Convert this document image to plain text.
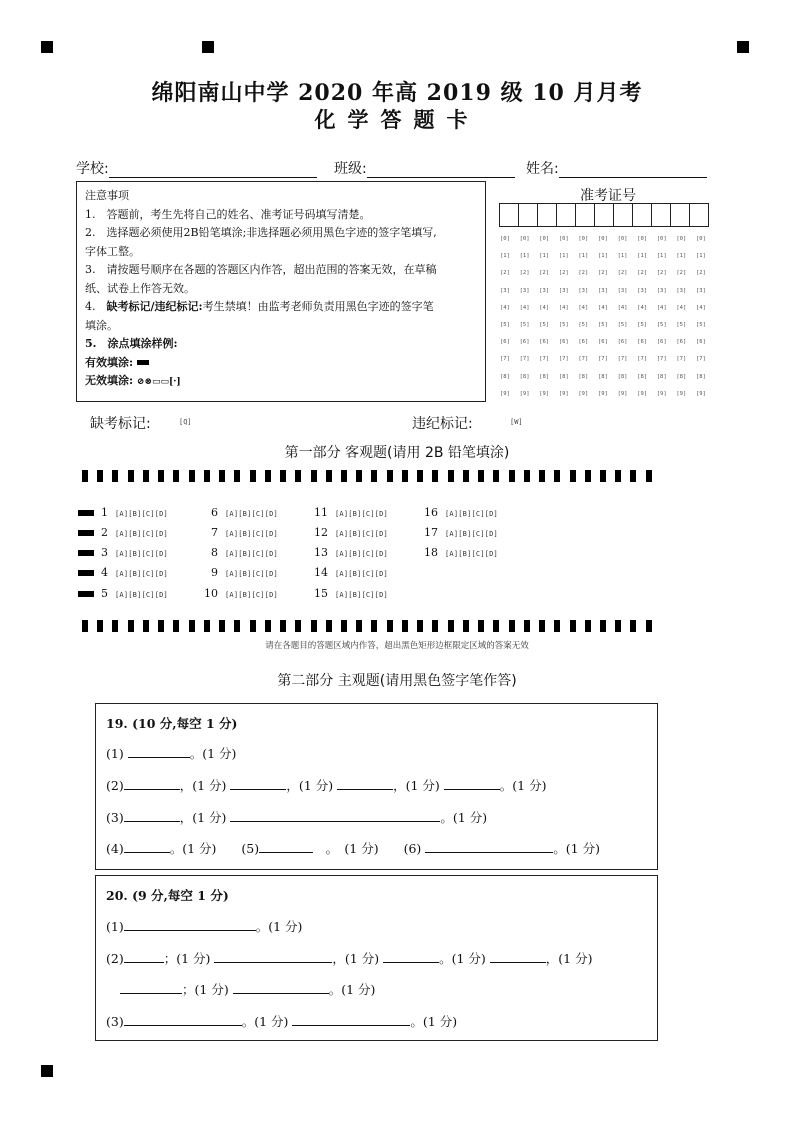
绵阳南山中学 2020 年高 2019 级 10 月月考
化学答题卡
学校:	班级:	姓名:
注意事项
1.　答题前，考生先将自己的姓名、准考证号码填写清楚。
2.　选择题必须使用2B铅笔填涂;非选择题必须用黑色字迹的签字笔填写,
字体工整。
3.　请按题号顺序在各题的答题区内作答，超出范围的答案无效，在草稿
纸、试卷上作答无效。
4.　 缺考标记/违纪标记:考生禁填！由监考老师负责用黑色字迹的签字笔
填涂。
5.　涂点填涂样例:
有效填涂:
无效填涂: ⊘⊗▭▭[·]
准考证号
[0]	[0]	[0]	[0]	[0]	[0]	[0]	[0]	[0]	[0]	[0]
[1]	[1]	[1]	[1]	[1]	[1]	[1]	[1]	[1]	[1]	[1]
[2]	[2]	[2]	[2]	[2]	[2]	[2]	[2]	[2]	[2]	[2]
[3]	[3]	[3]	[3]	[3]	[3]	[3]	[3]	[3]	[3]	[3]
[4]	[4]	[4]	[4]	[4]	[4]	[4]	[4]	[4]	[4]	[4]
[5]	[5]	[5]	[5]	[5]	[5]	[5]	[5]	[5]	[5]	[5]
[6]	[6]	[6]	[6]	[6]	[6]	[6]	[6]	[6]	[6]	[6]
[7]	[7]	[7]	[7]	[7]	[7]	[7]	[7]	[7]	[7]	[7]
[8]	[8]	[8]	[8]	[8]	[8]	[8]	[8]	[8]	[8]	[8]
[9]	[9]	[9]	[9]	[9]	[9]	[9]	[9]	[9]	[9]	[9]
缺考标记:	[Q]	违纪标记:	[W]
第一部分 客观题(请用 2B 铅笔填涂)
1 [A][B][C][D]
2 [A][B][C][D]
3 [A][B][C][D]
4 [A][B][C][D]
5 [A][B][C][D]
6 [A][B][C][D]
7 [A][B][C][D]
8 [A][B][C][D]
9 [A][B][C][D]
10 [A][B][C][D]
11 [A][B][C][D]
12 [A][B][C][D]
13 [A][B][C][D]
14 [A][B][C][D]
15 [A][B][C][D]
16 [A][B][C][D]
17 [A][B][C][D]
18 [A][B][C][D]
请在各题目的答题区域内作答，超出黑色矩形边框限定区域的答案无效
第二部分 主观题(请用黑色签字笔作答)
19. (10 分,每空 1 分)
(1)	。(1 分)
(2)	，(1 分)	，(1 分)	，(1 分)	。(1 分)
(3)	，(1 分)	。(1 分)
(4)	。(1 分)　　(5)	　。　(1 分)　　(6)	。(1 分)
20. (9 分,每空 1 分)
(1)	。(1 分)
(2)	；(1 分)	，(1 分)	。(1 分)	，(1 分)
；(1 分)	。(1 分)
(3)	。(1 分)	。(1 分)
